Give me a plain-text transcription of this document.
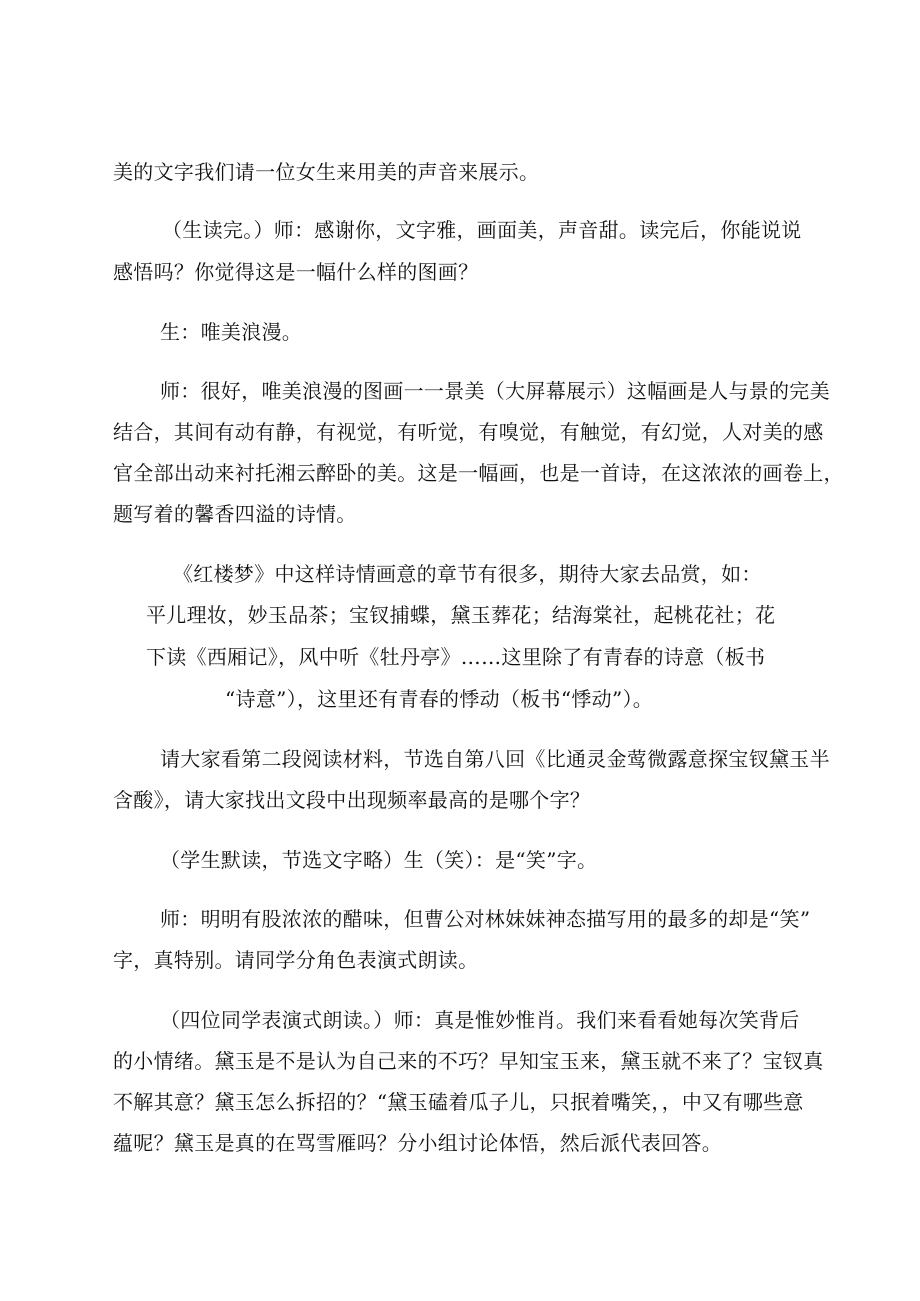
美的文字我们请一位女生来用美的声音来展示。

（生读完。）师：感谢你，文字雅，画面美，声音甜。读完后，你能说说

感悟吗？你觉得这是一幅什么样的图画？

生：唯美浪漫。

师：很好，唯美浪漫的图画一一景美（大屏幕展示）这幅画是人与景的完美

结合，其间有动有静，有视觉，有听觉，有嗅觉，有触觉，有幻觉，人对美的感

官全部出动来衬托湘云醉卧的美。这是一幅画，也是一首诗，在这浓浓的画卷上，

题写着的馨香四溢的诗情。

《红楼梦》中这样诗情画意的章节有很多，期待大家去品赏，如：

平儿理妆，妙玉品茶；宝钗捕蝶，黛玉葬花；结海棠社，起桃花社；花

下读《西厢记》，风中听《牡丹亭》……这里除了有青春的诗意（板书

“诗意”），这里还有青春的悸动（板书“悸动”）。

请大家看第二段阅读材料，节选自第八回《比通灵金莺微露意探宝钗黛玉半

含酸》，请大家找出文段中出现频率最高的是哪个字？

（学生默读，节选文字略）生（笑）：是“笑”字。

师：明明有股浓浓的醋味，但曹公对林妹妹神态描写用的最多的却是“笑”

字，真特别。请同学分角色表演式朗读。

（四位同学表演式朗读。）师：真是惟妙惟肖。我们来看看她每次笑背后

的小情绪。黛玉是不是认为自己来的不巧？早知宝玉来，黛玉就不来了？宝钗真

不解其意？黛玉怎么拆招的？“黛玉磕着瓜子儿，只抿着嘴笑，，中又有哪些意

蕴呢？黛玉是真的在骂雪雁吗？分小组讨论体悟，然后派代表回答。
